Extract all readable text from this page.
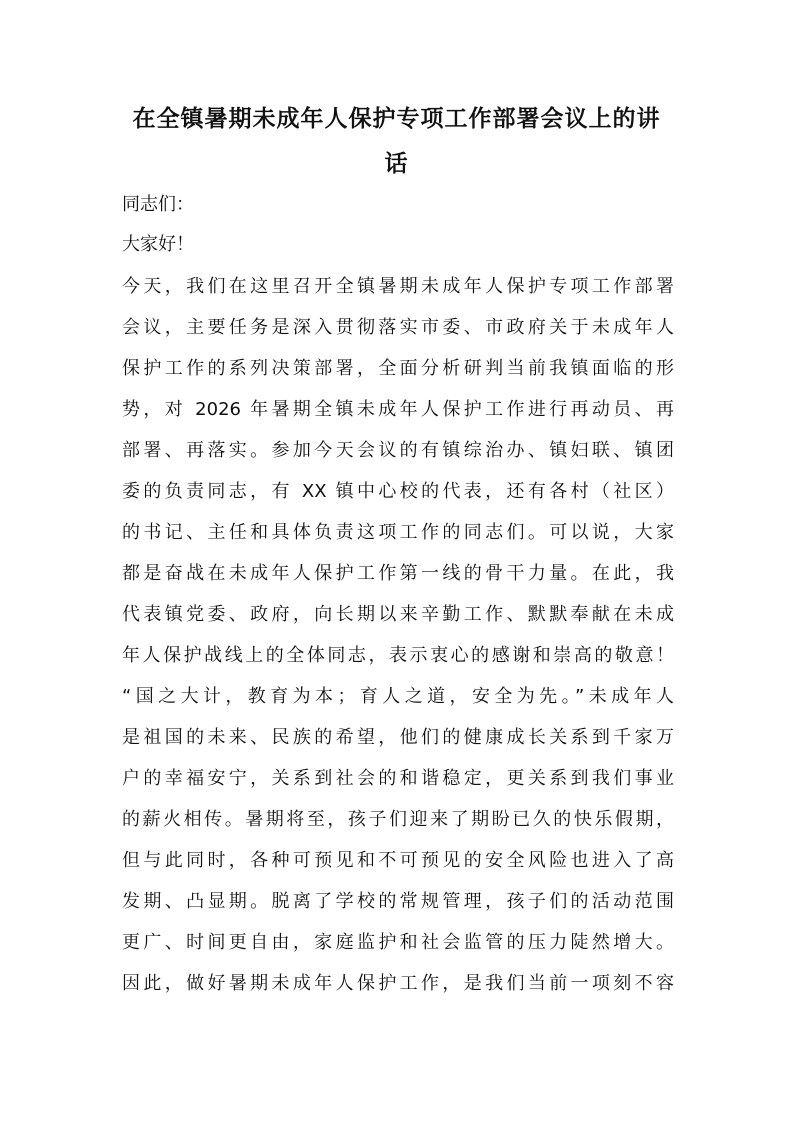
在全镇暑期未成年人保护专项工作部署会议上的讲
话

同志们：

大家好！

今天，我们在这里召开全镇暑期未成年人保护专项工作部署

会议，主要任务是深入贯彻落实市委、市政府关于未成年人

保护工作的系列决策部署，全面分析研判当前我镇面临的形

势，对 2026 年暑期全镇未成年人保护工作进行再动员、再

部署、再落实。参加今天会议的有镇综治办、镇妇联、镇团

委的负责同志，有 XX 镇中心校的代表，还有各村（社区）

的书记、主任和具体负责这项工作的同志们。可以说，大家

都是奋战在未成年人保护工作第一线的骨干力量。在此，我

代表镇党委、政府，向长期以来辛勤工作、默默奉献在未成

年人保护战线上的全体同志，表示衷心的感谢和崇高的敬意！

“国之大计，教育为本；育人之道，安全为先。”未成年人

是祖国的未来、民族的希望，他们的健康成长关系到千家万

户的幸福安宁，关系到社会的和谐稳定，更关系到我们事业

的薪火相传。暑期将至，孩子们迎来了期盼已久的快乐假期，

但与此同时，各种可预见和不可预见的安全风险也进入了高

发期、凸显期。脱离了学校的常规管理，孩子们的活动范围

更广、时间更自由，家庭监护和社会监管的压力陡然增大。

因此，做好暑期未成年人保护工作，是我们当前一项刻不容
